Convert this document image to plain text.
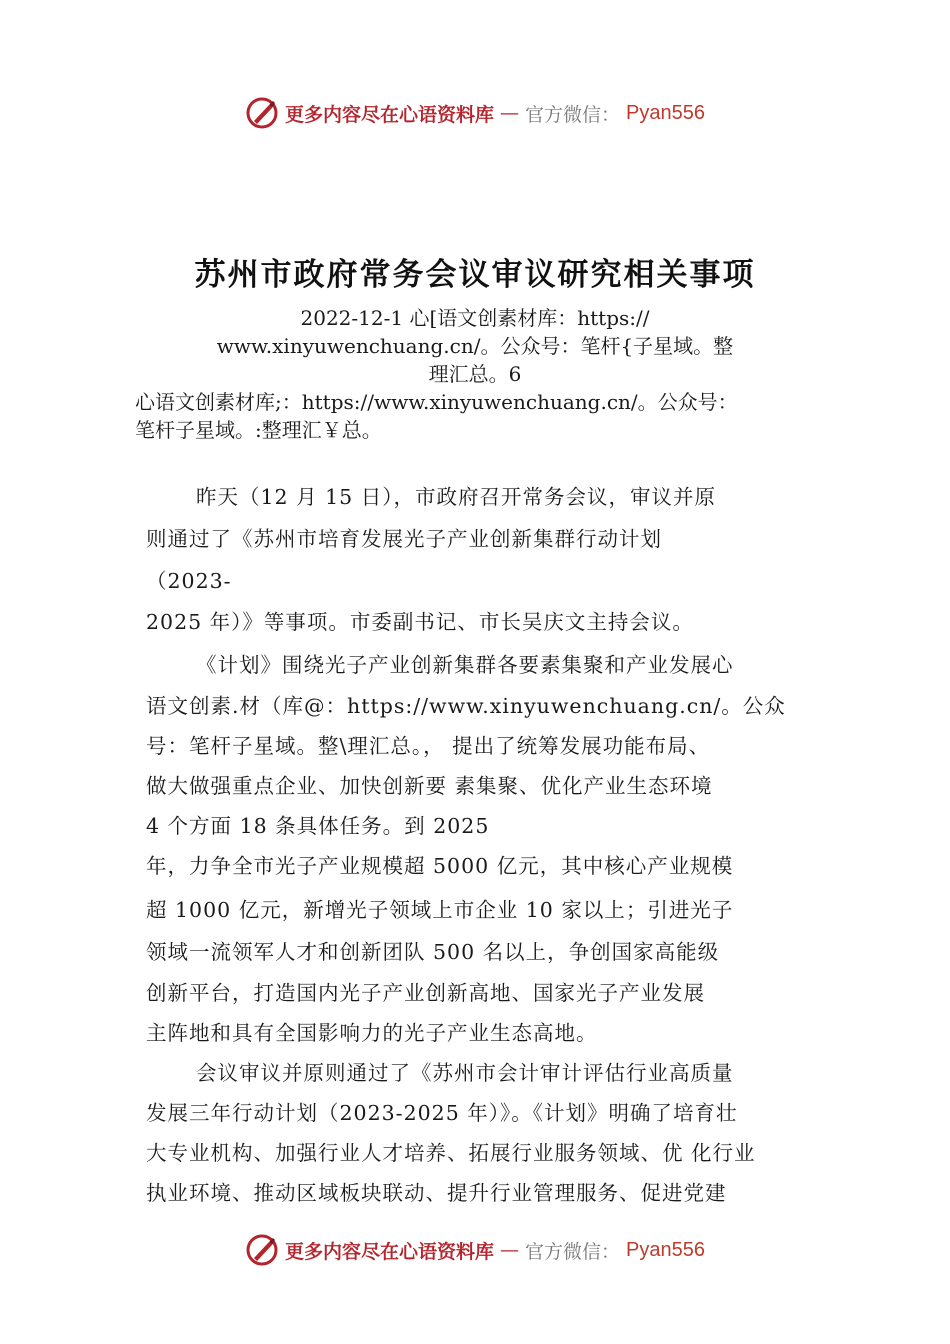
更多内容尽在心语资料库 — 官方微信： Pyan556
苏州市政府常务会议审议研究相关事项
2022-12-1 心[语文创素材库：https://
www.xinyuwenchuang.cn/。公众号：笔杆{子星域。整
理汇总。6
心语文创素材库;：https://www.xinyuwenchuang.cn/。公众号：
笔杆子星域。:整理汇￥总。
昨天（12 月 15 日），市政府召开常务会议，审议并原
则通过了《苏州市培育发展光子产业创新集群行动计划
（2023-
2025 年）》等事项。市委副书记、市长吴庆文主持会议。
《计划》围绕光子产业创新集群各要素集聚和产业发展心
语文创素.材（库@：https://www.xinyuwenchuang.cn/。公众
号：笔杆子星域。整\理汇总。， 提出了统筹发展功能布局、
做大做强重点企业、加快创新要 素集聚、优化产业生态环境
4 个方面 18 条具体任务。到 2025
年，力争全市光子产业规模超 5000 亿元，其中核心产业规模
超 1000 亿元，新增光子领域上市企业 10 家以上；引进光子
领域一流领军人才和创新团队 500 名以上，争创国家高能级
创新平台，打造国内光子产业创新高地、国家光子产业发展
主阵地和具有全国影响力的光子产业生态高地。
会议审议并原则通过了《苏州市会计审计评估行业高质量
发展三年行动计划（2023-2025 年）》。《计划》明确了培育壮
大专业机构、加强行业人才培养、拓展行业服务领域、优 化行业
执业环境、推动区域板块联动、提升行业管理服务、促进党建
更多内容尽在心语资料库 — 官方微信： Pyan556
